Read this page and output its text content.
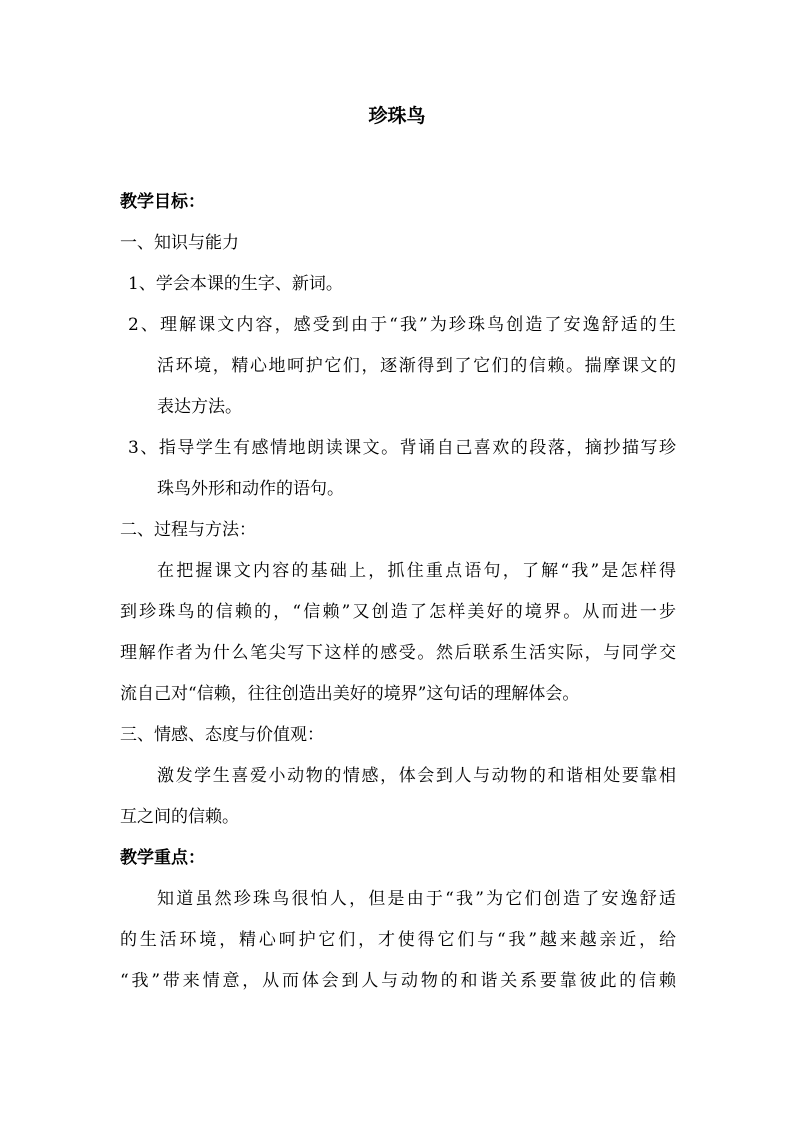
珍珠鸟
教学目标：
一、知识与能力
1、学会本课的生字、新词。
2、理解课文内容，感受到由于“我”为珍珠鸟创造了安逸舒适的生
活环境，精心地呵护它们，逐渐得到了它们的信赖。揣摩课文的
表达方法。
3、指导学生有感情地朗读课文。背诵自己喜欢的段落，摘抄描写珍
珠鸟外形和动作的语句。
二、过程与方法：
在把握课文内容的基础上，抓住重点语句，了解“我”是怎样得
到珍珠鸟的信赖的，“信赖”又创造了怎样美好的境界。从而进一步
理解作者为什么笔尖写下这样的感受。然后联系生活实际，与同学交
流自己对“信赖，往往创造出美好的境界”这句话的理解体会。
三、情感、态度与价值观：
激发学生喜爱小动物的情感，体会到人与动物的和谐相处要靠相
互之间的信赖。
教学重点：
知道虽然珍珠鸟很怕人，但是由于“我”为它们创造了安逸舒适
的生活环境，精心呵护它们，才使得它们与“我”越来越亲近，给
“我”带来情意，从而体会到人与动物的和谐关系要靠彼此的信赖
